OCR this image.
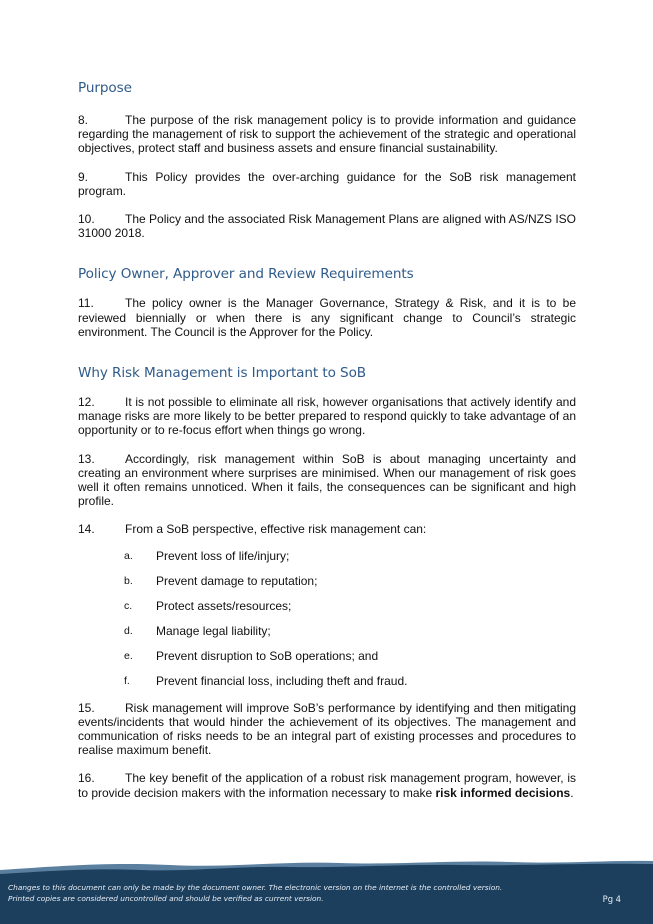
Purpose

8.	The purpose of the risk management policy is to provide information and guidance regarding the management of risk to support the achievement of the strategic and operational objectives, protect staff and business assets and ensure financial sustainability.

9.	This Policy provides the over-arching guidance for the SoB risk management program.

10.	The Policy and the associated Risk Management Plans are aligned with AS/NZS ISO 31000 2018.

Policy Owner, Approver and Review Requirements

11.	The policy owner is the Manager Governance, Strategy & Risk, and it is to be reviewed biennially or when there is any significant change to Council’s strategic environment. The Council is the Approver for the Policy.

Why Risk Management is Important to SoB

12.	It is not possible to eliminate all risk, however organisations that actively identify and manage risks are more likely to be better prepared to respond quickly to take advantage of an opportunity or to re-focus effort when things go wrong.

13.	Accordingly, risk management within SoB is about managing uncertainty and creating an environment where surprises are minimised. When our management of risk goes well it often remains unnoticed. When it fails, the consequences can be significant and high profile.

14.	From a SoB perspective, effective risk management can:

a. Prevent loss of life/injury;
b. Prevent damage to reputation;
c. Protect assets/resources;
d. Manage legal liability;
e. Prevent disruption to SoB operations; and
f. Prevent financial loss, including theft and fraud.

15.	Risk management will improve SoB’s performance by identifying and then mitigating events/incidents that would hinder the achievement of its objectives. The management and communication of risks needs to be an integral part of existing processes and procedures to realise maximum benefit.

16.	The key benefit of the application of a robust risk management program, however, is to provide decision makers with the information necessary to make risk informed decisions.

Changes to this document can only be made by the document owner. The electronic version on the internet is the controlled version.
Printed copies are considered uncontrolled and should be verified as current version.	Pg 4
